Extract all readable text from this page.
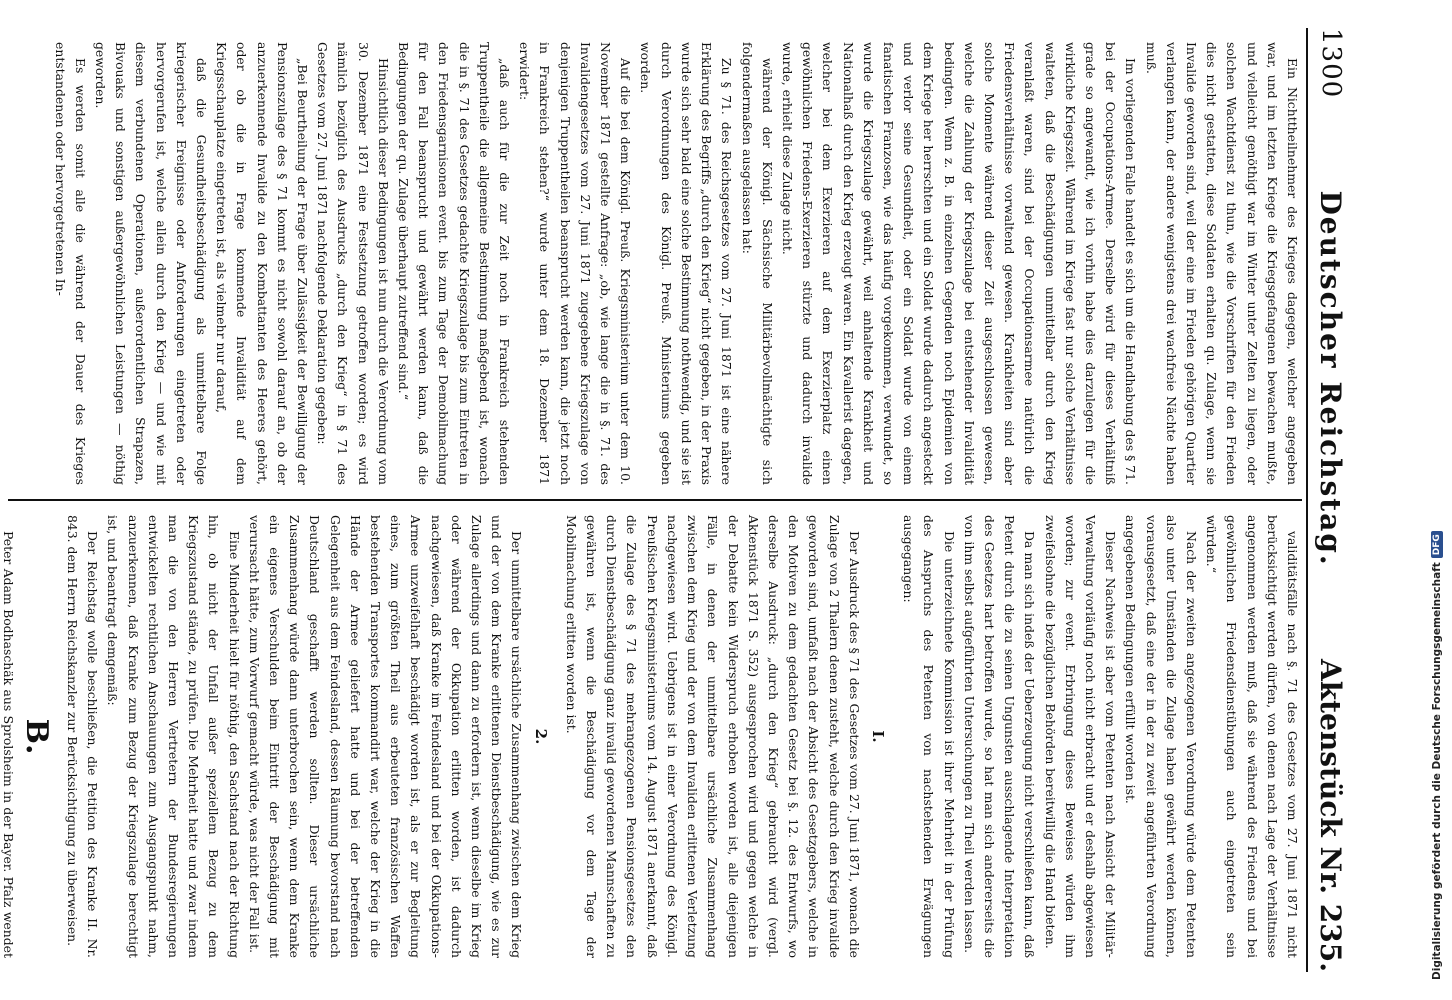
1300
Deutscher Reichstag.
Aktenstück Nr. 235.

Ein Nichttheilnehmer des Krieges dagegen, welcher angegeben war, und im letzten Kriege die Kriegsgefangenen bewachen mußte, und vielleicht genöthigt war im Winter unter Zelten zu liegen, oder solchen Wachtdienst zu thun, wie die Vorschriften für den Frieden dies nicht gestatten, diese Soldaten erhalten qu. Zulage, wenn sie Invalide geworden sind, weil der eine im Frieden gehörigen Quartier verlangen kann, der andere wenigstens drei wachfreie Nächte haben muß.

Im vorliegenden Falle handelt es sich um die Handhabung des § 71. bei der Occupations-Armee. Derselbe wird für dieses Verhältniß grade so angewandt, wie ich vorhin habe dies darzulegen für die wirkliche Kriegszeit. Während im Kriege fast nur solche Verhältnisse walteten, daß die Beschädigungen unmittelbar durch den Krieg veranlaßt waren, sind bei der Occupationsarmee natürlich die Friedensverhältnisse vorwaltend gewesen. Krankheiten sind aber solche Momente während dieser Zeit ausgeschlossen gewesen, welche die Zahlung der Kriegszulage bei entstehender Invalidität bedingten. Wenn z. B. in einzelnen Gegenden noch Epidemien von dem Kriege her herrschten und ein Soldat wurde dadurch angesteckt und verlor seine Gesundheit, oder ein Soldat wurde von einem fanatischen Franzosen, wie das häufig vorgekommen, verwundet, so wurde die Kriegszulage gewährt, weil anhaltende Krankheit und Nationalhaß durch den Krieg erzeugt waren. Ein Kavallerist dagegen, welcher bei dem Exerzieren auf dem Exerzierplatz einen gewöhnlichen Friedens-Exerzieren stürzte und dadurch invalide wurde, erhielt diese Zulage nicht.

während der Königl. Sächsische Militärbevollmächtigte sich folgendermaßen ausgelassen hat:

Zu § 71. des Reichsgesetzes vom 27. Juni 1871 ist eine nähere Erklärung des Begriffs „durch den Krieg“ nicht gegeben, in der Praxis wurde sich sehr bald eine solche Bestimmung nothwendig, und sie ist durch Verordnungen des Königl. Preuß. Ministeriums gegeben worden.

Auf die bei dem Königl. Preuß. Kriegsministerium unter dem 10. November 1871 gestellte Anfrage: „ob, wie lange die in §. 71. des Invalidengesetzes vom 27. Juni 1871 zugegebene Kriegszulage von denjenigen Truppentheilen beansprucht werden kann, die jetzt noch in Frankreich stehen?“ wurde unter dem 18. Dezember 1871 erwidert:

„daß auch für die zur Zeit noch in Frankreich stehenden Truppentheile die allgemeine Bestimmung maßgebend ist, wonach die in §. 71 des Gesetzes gedachte Kriegszulage bis zum Eintreten in den Friedensgarnisonen event. bis zum Tage der Demobilmachung für den Fall beansprucht und gewährt werden kann, daß die Bedingungen der qu. Zulage überhaupt zutreffend sind.“

Hinsichtlich dieser Bedingungen ist nun durch die Verordnung vom 30. Dezember 1871 eine Festsetzung getroffen worden; es wird nämlich bezüglich des Ausdrucks „durch den Krieg“ in § 71 des Gesetzes vom 27. Juni 1871 nachfolgende Deklaration gegeben:

„Bei Beurtheilung der Frage über Zulässigkeit der Bewilligung der Pensionszulage des § 71 kommt es nicht sowohl darauf an, ob der anzuerkennende Invalide zu den Kombattanten des Heeres gehört, oder ob die in Frage kommende Invalidität auf dem Kriegsschauplatze eingetreten ist, als vielmehr nur darauf,

daß die Gesundheitsbeschädigung als unmittelbare Folge kriegerischer Ereignisse oder Anforderungen eingetreten oder hervorgerufen ist, welche allein durch den Krieg — und wie mit diesem verbundenen Operationen, außerordentlichen Strapazen, Bivouaks und sonstigen außergewöhnlichen Leistungen — nöthig geworden.

Es werden somit alle die während der Dauer des Krieges entstandenen oder hervorgetretenen In-

validitätsfälle nach §. 71 des Gesetzes vom 27. Juni 1871 nicht berücksichtigt werden dürfen, von denen nach Lage der Verhältnisse angenommen werden muß, daß sie während des Friedens und bei gewöhnlichen Friedensdienstübungen auch eingetreten sein würden.“

Nach der zweiten angezogenen Verordnung würde dem Petenten also unter Umständen die Zulage haben gewährt werden können, vorausgesetzt, daß eine der in der zu zweit angeführten Verordnung angegebenen Bedingungen erfüllt worden ist.

Dieser Nachweis ist aber vom Petenten nach Ansicht der Militär-Verwaltung vorläufig noch nicht erbracht und er deshalb abgewiesen worden; zur event. Erbringung dieses Beweises würden ihm zweifelsohne die bezüglichen Behörden bereitwillig die Hand bieten.

Da man sich indeß der Ueberzeugung nicht verschließen kann, daß Petent durch die zu seinen Ungunsten ausschlagende Interpretation des Gesetzes hart betroffen wurde, so hat man sich andererseits die von ihm selbst aufgeführten Untersuchungen zu Theil werden lassen.

Die unterzeichnete Kommission ist ihrer Mehrheit in der Prüfung des Anspruchs des Petenten von nachstehenden Erwägungen ausgegangen:

I.

Der Ausdruck des § 71 des Gesetzes vom 27. Juni 1871, wonach die Zulage von 2 Thalern denen zusteht, welche durch den Krieg invalide geworden sind, umfaßt nach der Absicht des Gesetzgebers, welche in den Motiven zu dem gedachten Gesetz bei §. 12. des Entwurfs, wo derselbe Ausdruck: „durch den Krieg“ gebraucht wird (vergl. Aktenstück 1871 S. 352) ausgesprochen wird und gegen welche in der Debatte kein Widerspruch erhoben worden ist, alle diejenigen Fälle, in denen der unmittelbare ursächliche Zusammenhang zwischen dem Krieg und der von dem Invaliden erlittenen Verletzung nachgewiesen wird. Uebrigens ist in einer Verordnung des Königl. Preußischen Kriegsministeriums vom 14. August 1871 anerkannt, daß die Zulage des § 71 des mehrangezogenen Pensionsgesetzes den durch Dienstbeschädigung ganz invalid gewordenen Mannschaften zu gewähren ist, wenn die Beschädigung vor dem Tage der Mobilmachung erlitten worden ist.

2.

Der unmittelbare ursächliche Zusammenhang zwischen dem Krieg und der von dem Kranke erlittenen Dienstbeschädigung, wie es zur Zulage allerdings und dann zu erfordern ist, wenn dieselbe im Krieg oder während der Okkupation erlitten worden, ist dadurch nachgewiesen, daß Kranke im Feindesland und bei der Okkupations-Armee unzweifelhaft beschädigt worden ist, als er zur Begleitung eines, zum größten Theil aus erbeuteten französischen Waffen bestehenden Transportes kommandirt war, welche der Krieg in die Hände der Armee geliefert hatte und bei der betreffenden Gelegenheit aus dem Feindesland, dessen Räumung bevorstand nach Deutschland geschafft werden sollten. Dieser ursächliche Zusammenhang würde dann unterbrochen sein, wenn dem Kranke ein eigenes Verschulden beim Eintritt der Beschädigung mit verursacht hätte, zum Vorwurf gemacht würde, was nicht der Fall ist.

Eine Minderheit hielt für nöthig, den Sachstand nach der Richtung hin, ob nicht der Unfall außer speziellem Bezug zu dem Kriegszustand stände, zu prüfen. Die Mehrheit hatte und zwar indem man die von den Herren Vertretern der Bundesregierungen entwickelten rechtlichen Anschauungen zum Ausgangspunkt nahm, anzuerkennen, daß Kranke zum Bezug der Kriegszulage berechtigt ist, und beantragt demgemäß:

Der Reichstag wolle beschließen, die Petition des Kranke II. Nr. 843. dem Herrn Reichskanzler zur Berücksichtigung zu überweisen.

B.

Peter Adam Bodhaschäk aus Sprolsheim in der Bayer. Pfalz wendet	Digitalisierung gefördert durch die Deutsche Forschungsgemeinschaft
DFG
